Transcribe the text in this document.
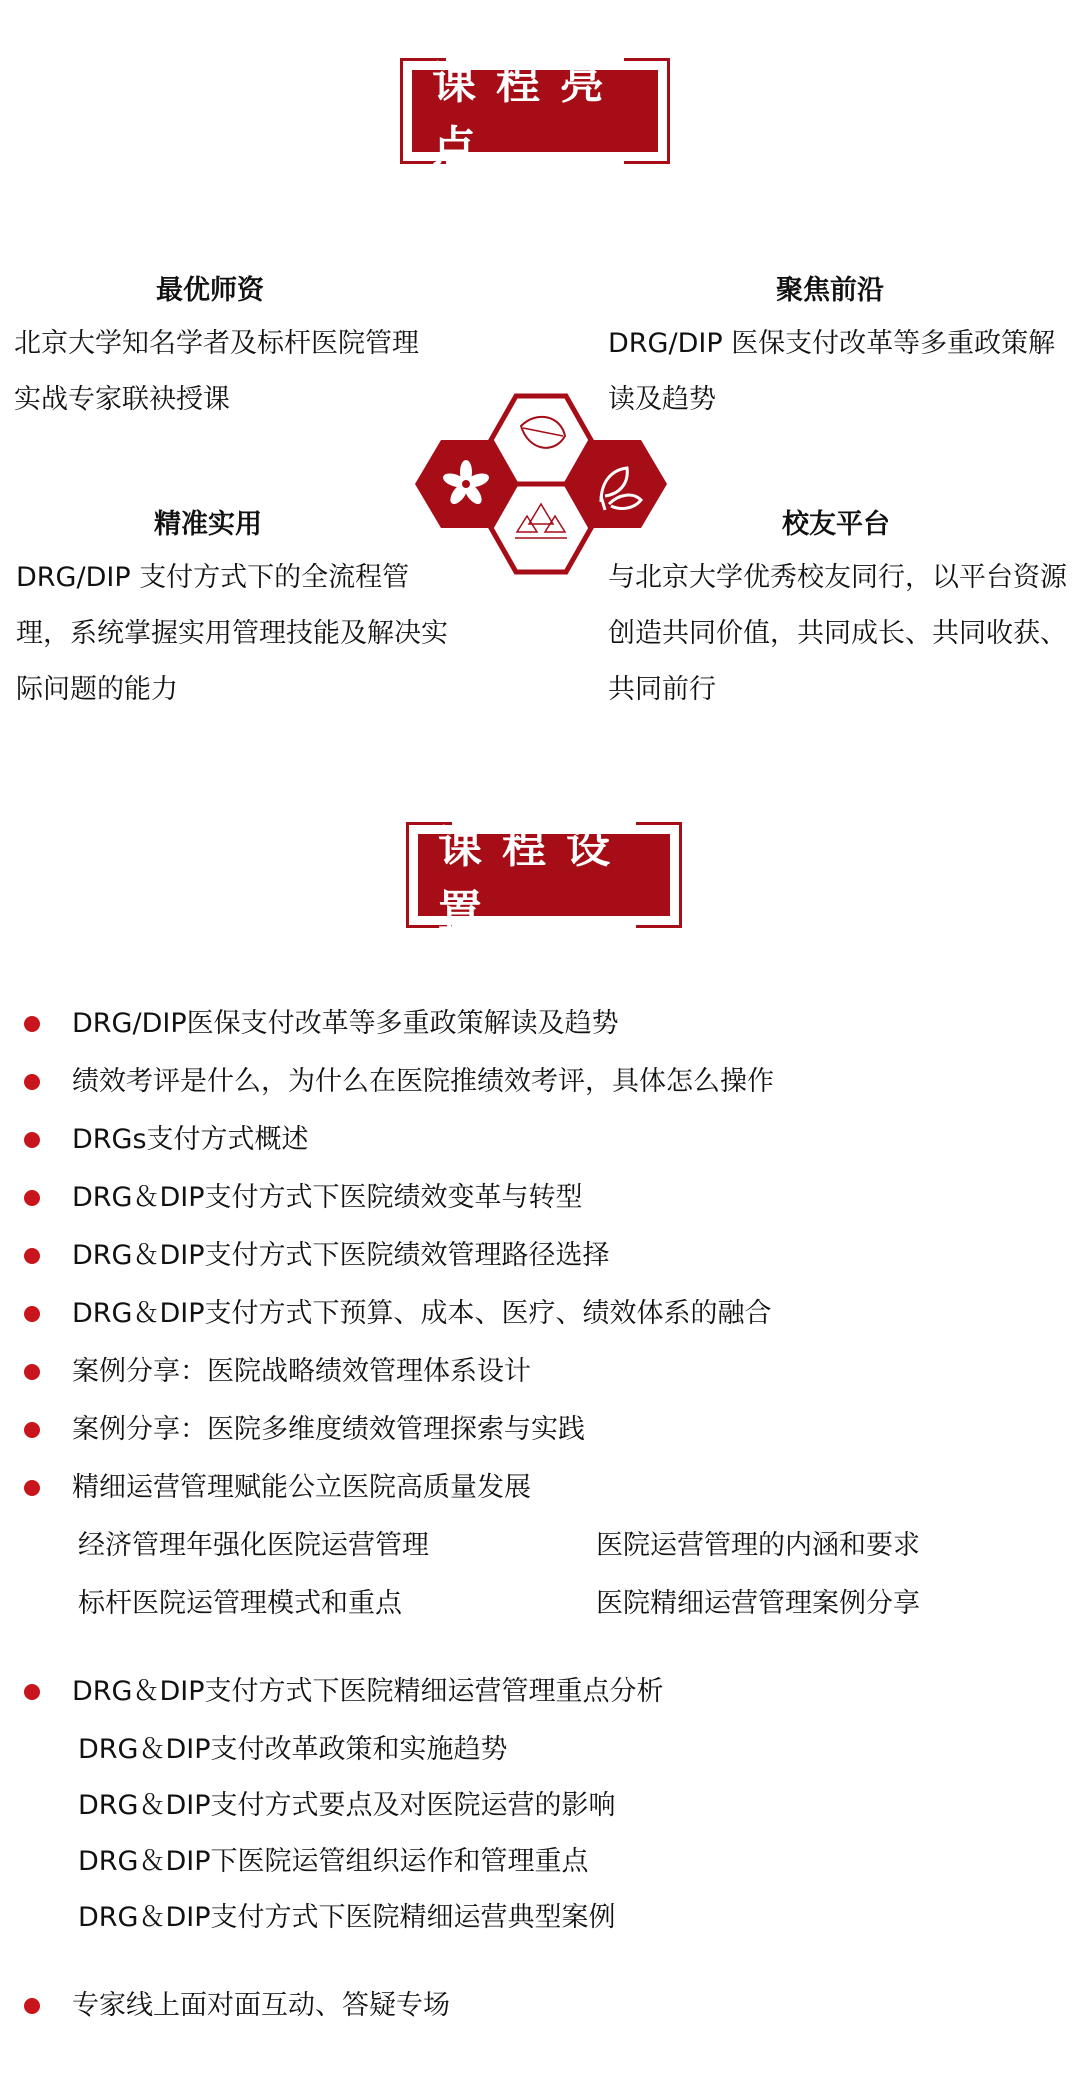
课程亮点
最优师资
北京大学知名学者及标杆医院管理
实战专家联袂授课
聚焦前沿
DRG/DIP 医保支付改革等多重政策解
读及趋势
精准实用
DRG/DIP 支付方式下的全流程管
理，系统掌握实用管理技能及解决实
际问题的能力
校友平台
与北京大学优秀校友同行，以平台资源
创造共同价值，共同成长、共同收获、
共同前行
课程设置
DRG/DIP医保支付改革等多重政策解读及趋势
绩效考评是什么，为什么在医院推绩效考评，具体怎么操作
DRGs支付方式概述
DRG＆DIP支付方式下医院绩效变革与转型
DRG＆DIP支付方式下医院绩效管理路径选择
DRG＆DIP支付方式下预算、成本、医疗、绩效体系的融合
案例分享：医院战略绩效管理体系设计
案例分享：医院多维度绩效管理探索与实践
精细运营管理赋能公立医院高质量发展
经济管理年强化医院运营管理	医院运营管理的内涵和要求
标杆医院运管理模式和重点	医院精细运营管理案例分享
DRG＆DIP支付方式下医院精细运营管理重点分析
DRG＆DIP支付改革政策和实施趋势
DRG＆DIP支付方式要点及对医院运营的影响
DRG＆DIP下医院运管组织运作和管理重点
DRG＆DIP支付方式下医院精细运营典型案例
专家线上面对面互动、答疑专场
